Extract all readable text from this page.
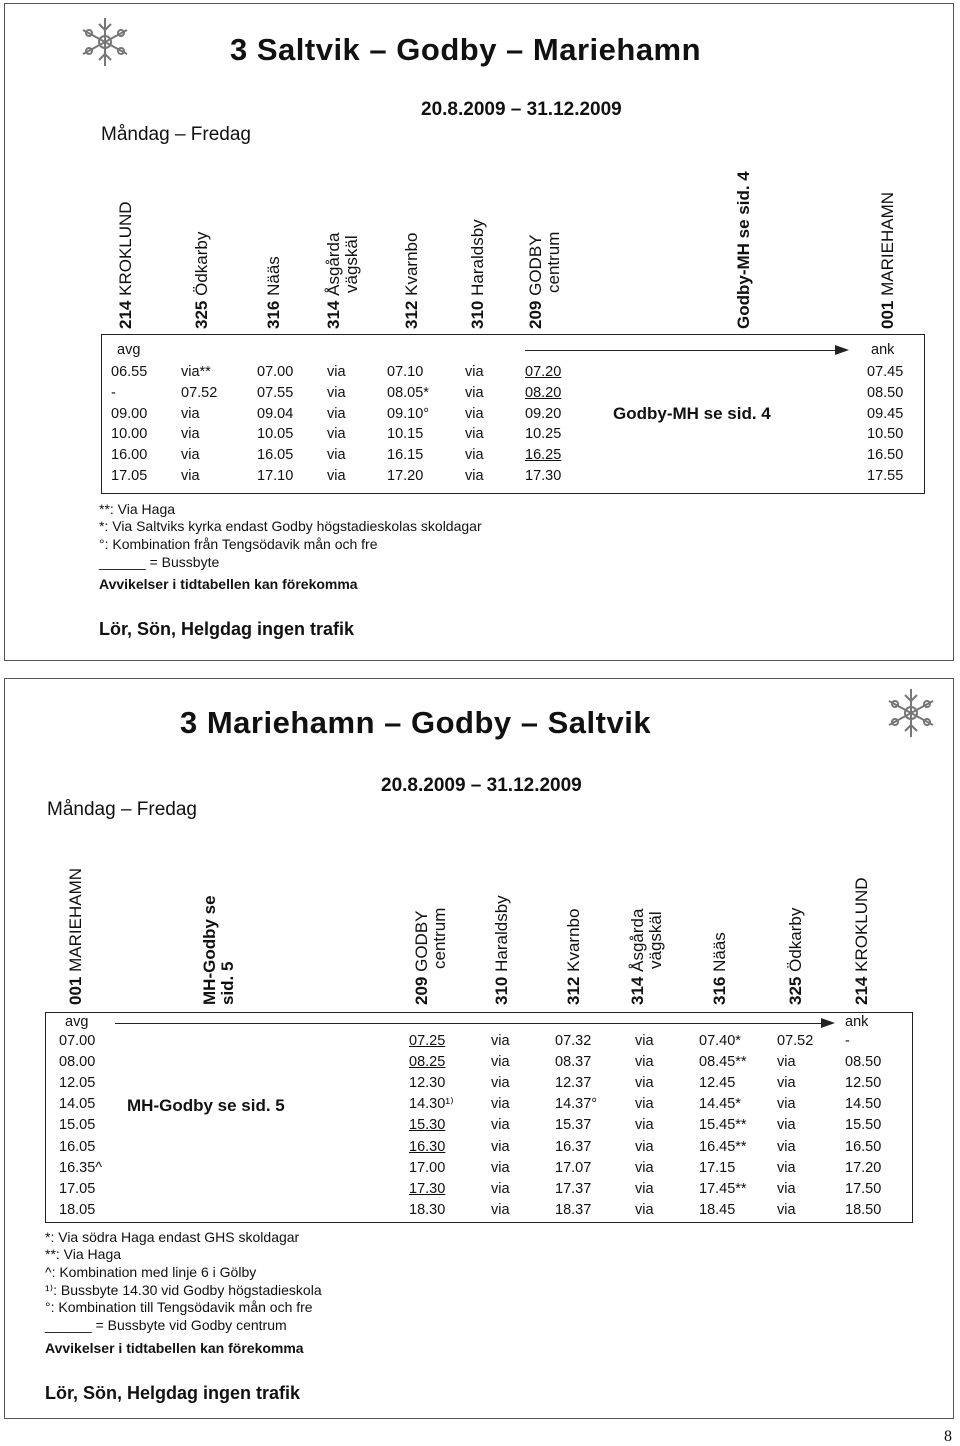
3 Saltvik – Godby – Mariehamn
20.8.2009 – 31.12.2009
Måndag – Fredag
214 KROKLUND
325 Ödkarby
316 Nääs
314 Åsgårda
vägskäl
312 Kvarnbo
310 Haraldsby
209 GODBY
centrum	Godby-MH se sid. 4	001 MARIEHAMN
avg	ank
Godby-MH se sid. 4
06.55 via**	07.00 via	07.10	via	07.20	07.45
-	07.52	07.55 via	08.05* via	08.20	08.50
09.00 via	09.04 via	09.10° via	09.20	09.45
10.00 via	10.05 via	10.15	via	10.25	10.50
16.00 via	16.05 via	16.15	via	16.25	16.50
17.05 via	17.10 via	17.20	via	17.30	17.55
**: Via Haga
*: Via Saltviks kyrka endast Godby högstadieskolas skoldagar
°: Kombination från Tengsödavik mån och fre
______ = Bussbyte
Avvikelser i tidtabellen kan förekomma
Lör, Sön, Helgdag ingen trafik
3 Mariehamn – Godby – Saltvik
20.8.2009 – 31.12.2009
Måndag – Fredag
001 MARIEHAMN	MH-Godby se
sid. 5	209 GODBY
centrum
310 Haraldsby
312 Kvarnbo
314 Åsgårda
vägskäl
316 Nääs
325 Ödkarby
214 KROKLUND
avg	ank
MH-Godby se sid. 5
07.00	07.25	via	07.32	via	07.40* 07.52 -
08.00	08.25	via	08.37	via	08.45** via	08.50
12.05	12.30	via	12.37	via	12.45	via	12.50
14.05	14.30¹⁾	via	14.37°	via	14.45* via	14.50
15.05	15.30	via	15.37	via	15.45** via	15.50
16.05	16.30	via	16.37	via	16.45** via	16.50
16.35^	17.00	via	17.07	via	17.15	via	17.20
17.05	17.30	via	17.37	via	17.45** via	17.50
18.05	18.30	via	18.37	via	18.45	via	18.50
*: Via södra Haga endast GHS skoldagar
**: Via Haga
^: Kombination med linje 6 i Gölby
¹⁾: Bussbyte 14.30 vid Godby högstadieskola
°: Kombination till Tengsödavik mån och fre
______ = Bussbyte vid Godby centrum
Avvikelser i tidtabellen kan förekomma
Lör, Sön, Helgdag ingen trafik
8
